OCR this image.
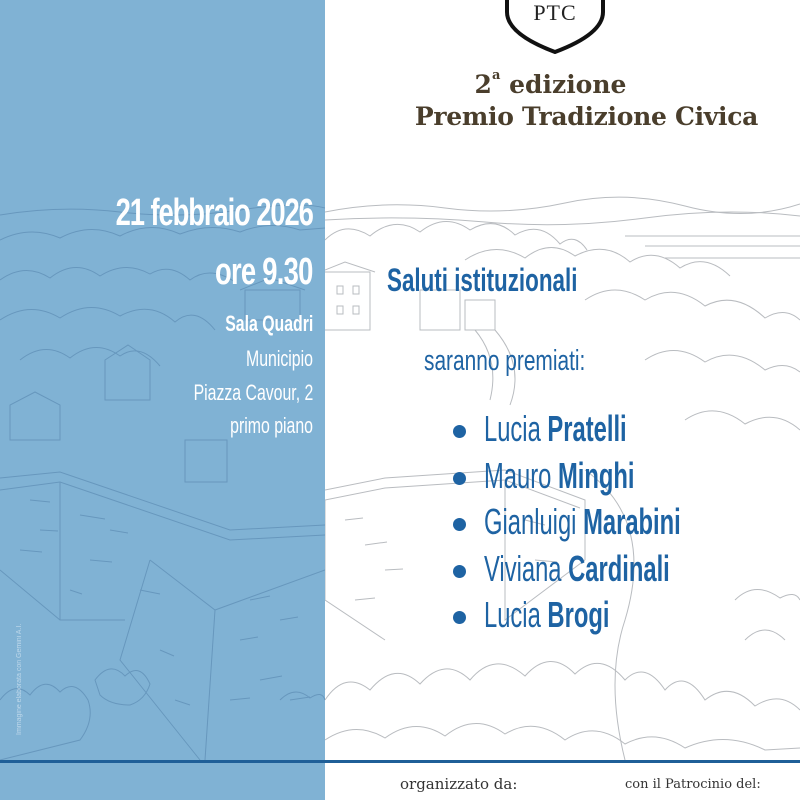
PTC
2$^a$ edizione
Premio Tradizione Civica
21 febbraio 2026
ore 9.30
Sala Quadri
Municipio
Piazza Cavour, 2
primo piano
Saluti istituzionali
saranno premiati:
Lucia Pratelli
Mauro Minghi
Gianluigi Marabini
Viviana Cardinali
Lucia Brogi
Immagine elaborata con Gemini A.I.
organizzato da:	con il Patrocinio del:
